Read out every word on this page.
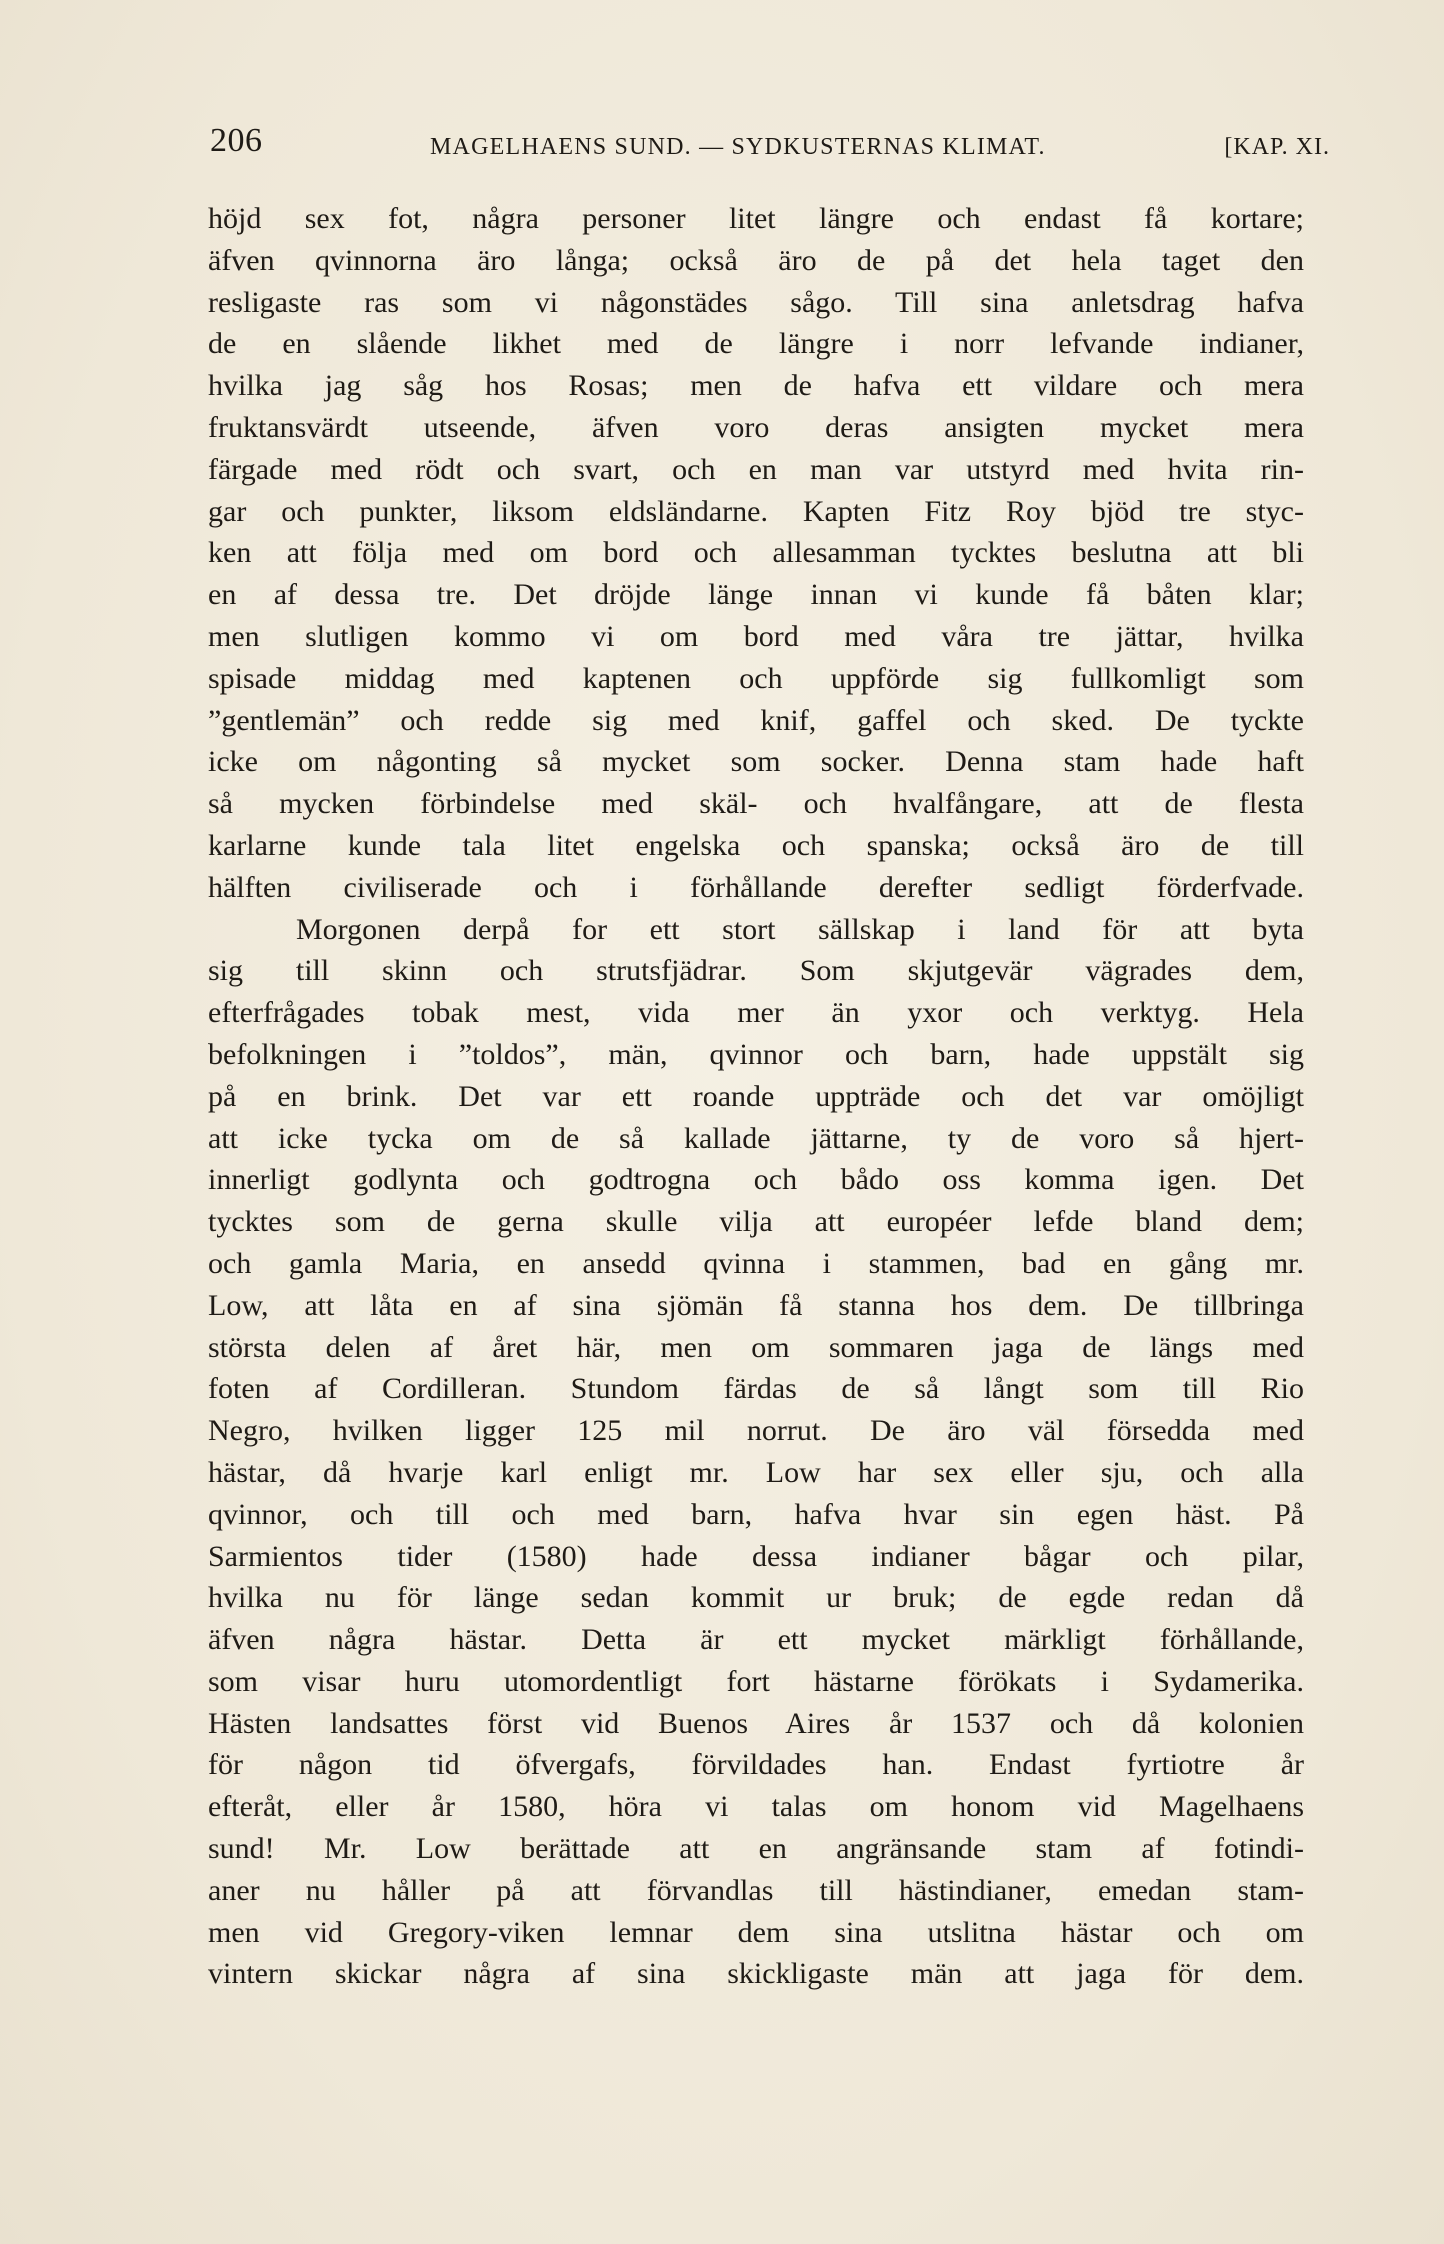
206	MAGELHAENS SUND. — SYDKUSTERNAS KLIMAT.	[KAP. XI.
höjd sex fot, några personer litet längre och endast få kortare;
äfven qvinnorna äro långa; också äro de på det hela taget den
resligaste ras som vi någonstädes sågo. Till sina anletsdrag hafva
de en slående likhet med de längre i norr lefvande indianer,
hvilka jag såg hos Rosas; men de hafva ett vildare och mera
fruktansvärdt utseende, äfven voro deras ansigten mycket mera
färgade med rödt och svart, och en man var utstyrd med hvita rin-
gar och punkter, liksom eldsländarne. Kapten Fitz Roy bjöd tre styc-
ken att följa med om bord och allesamman tycktes beslutna att bli
en af dessa tre. Det dröjde länge innan vi kunde få båten klar;
men slutligen kommo vi om bord med våra tre jättar, hvilka
spisade middag med kaptenen och uppförde sig fullkomligt som
”gentlemän” och redde sig med knif, gaffel och sked. De tyckte
icke om någonting så mycket som socker. Denna stam hade haft
så mycken förbindelse med skäl- och hvalfångare, att de flesta
karlarne kunde tala litet engelska och spanska; också äro de till
hälften civiliserade och i förhållande derefter sedligt förderfvade.
Morgonen derpå for ett stort sällskap i land för att byta
sig till skinn och strutsfjädrar. Som skjutgevär vägrades dem,
efterfrågades tobak mest, vida mer än yxor och verktyg. Hela
befolkningen i ”toldos”, män, qvinnor och barn, hade uppstält sig
på en brink. Det var ett roande uppträde och det var omöjligt
att icke tycka om de så kallade jättarne, ty de voro så hjert-
innerligt godlynta och godtrogna och bådo oss komma igen. Det
tycktes som de gerna skulle vilja att européer lefde bland dem;
och gamla Maria, en ansedd qvinna i stammen, bad en gång mr.
Low, att låta en af sina sjömän få stanna hos dem. De tillbringa
största delen af året här, men om sommaren jaga de längs med
foten af Cordilleran. Stundom färdas de så långt som till Rio
Negro, hvilken ligger 125 mil norrut. De äro väl försedda med
hästar, då hvarje karl enligt mr. Low har sex eller sju, och alla
qvinnor, och till och med barn, hafva hvar sin egen häst. På
Sarmientos tider (1580) hade dessa indianer bågar och pilar,
hvilka nu för länge sedan kommit ur bruk; de egde redan då
äfven några hästar. Detta är ett mycket märkligt förhållande,
som visar huru utomordentligt fort hästarne förökats i Sydamerika.
Hästen landsattes först vid Buenos Aires år 1537 och då kolonien
för någon tid öfvergafs, förvildades han. Endast fyrtiotre år
efteråt, eller år 1580, höra vi talas om honom vid Magelhaens
sund! Mr. Low berättade att en angränsande stam af fotindi-
aner nu håller på att förvandlas till hästindianer, emedan stam-
men vid Gregory-viken lemnar dem sina utslitna hästar och om
vintern skickar några af sina skickligaste män att jaga för dem.
